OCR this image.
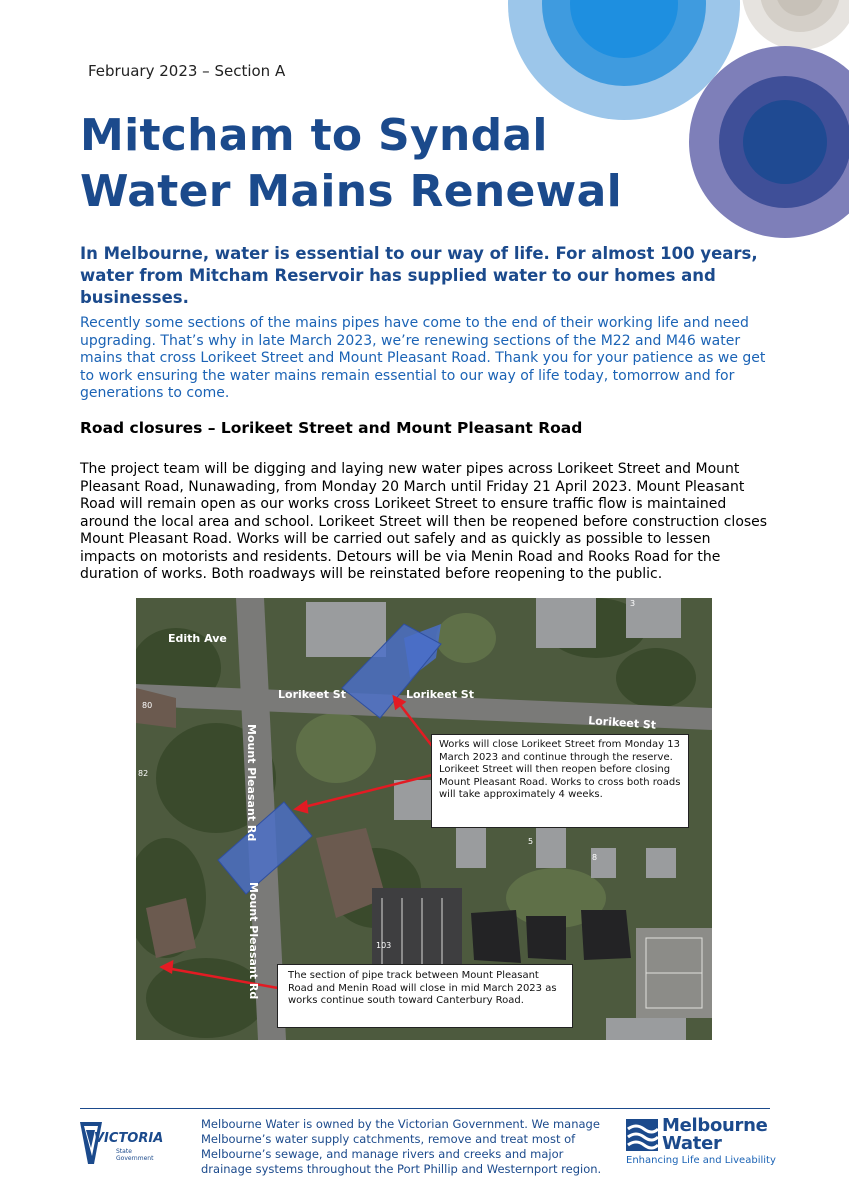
February 2023 – Section A
Mitcham to Syndal
Water Mains Renewal

In Melbourne, water is essential to our way of life. For almost 100 years, water from Mitcham Reservoir has supplied water to our homes and businesses.

Recently some sections of the mains pipes have come to the end of their working life and need upgrading. That’s why in late March 2023, we’re renewing sections of the M22 and M46 water mains that cross Lorikeet Street and Mount Pleasant Road. Thank you for your patience as we get to work ensuring the water mains remain essential to our way of life today, tomorrow and for generations to come.

Road closures – Lorikeet Street and Mount Pleasant Road

The project team will be digging and laying new water pipes across Lorikeet Street and Mount Pleasant Road, Nunawading, from Monday 20 March until Friday 21 April 2023. Mount Pleasant Road will remain open as our works cross Lorikeet Street to ensure traffic flow is maintained around the local area and school. Lorikeet Street will then be reopened before construction closes Mount Pleasant Road. Works will be carried out safely and as quickly as possible to lessen impacts on motorists and residents. Detours will be via Menin Road and Rooks Road for the duration of works. Both roadways will be reinstated before reopening to the public.

Edith Ave
Lorikeet St	Lorikeet St
Lorikeet St
Mount Pleasant Rd
Mount Pleasant Rd
80
82
103
3
5
8
Works will close Lorikeet Street from Monday 13 March 2023 and continue through the reserve. Lorikeet Street will then reopen before closing Mount Pleasant Road. Works to cross both roads will take approximately 4 weeks.
The section of pipe track between Mount Pleasant Road and Menin Road will close in mid March 2023 as works continue south toward Canterbury Road.
VICTORIA
State
Government

Melbourne Water is owned by the Victorian Government. We manage Melbourne’s water supply catchments, remove and treat most of Melbourne’s sewage, and manage rivers and creeks and major drainage systems throughout the Port Phillip and Westernport region.

Melbourne
Water
Enhancing Life and Liveability
